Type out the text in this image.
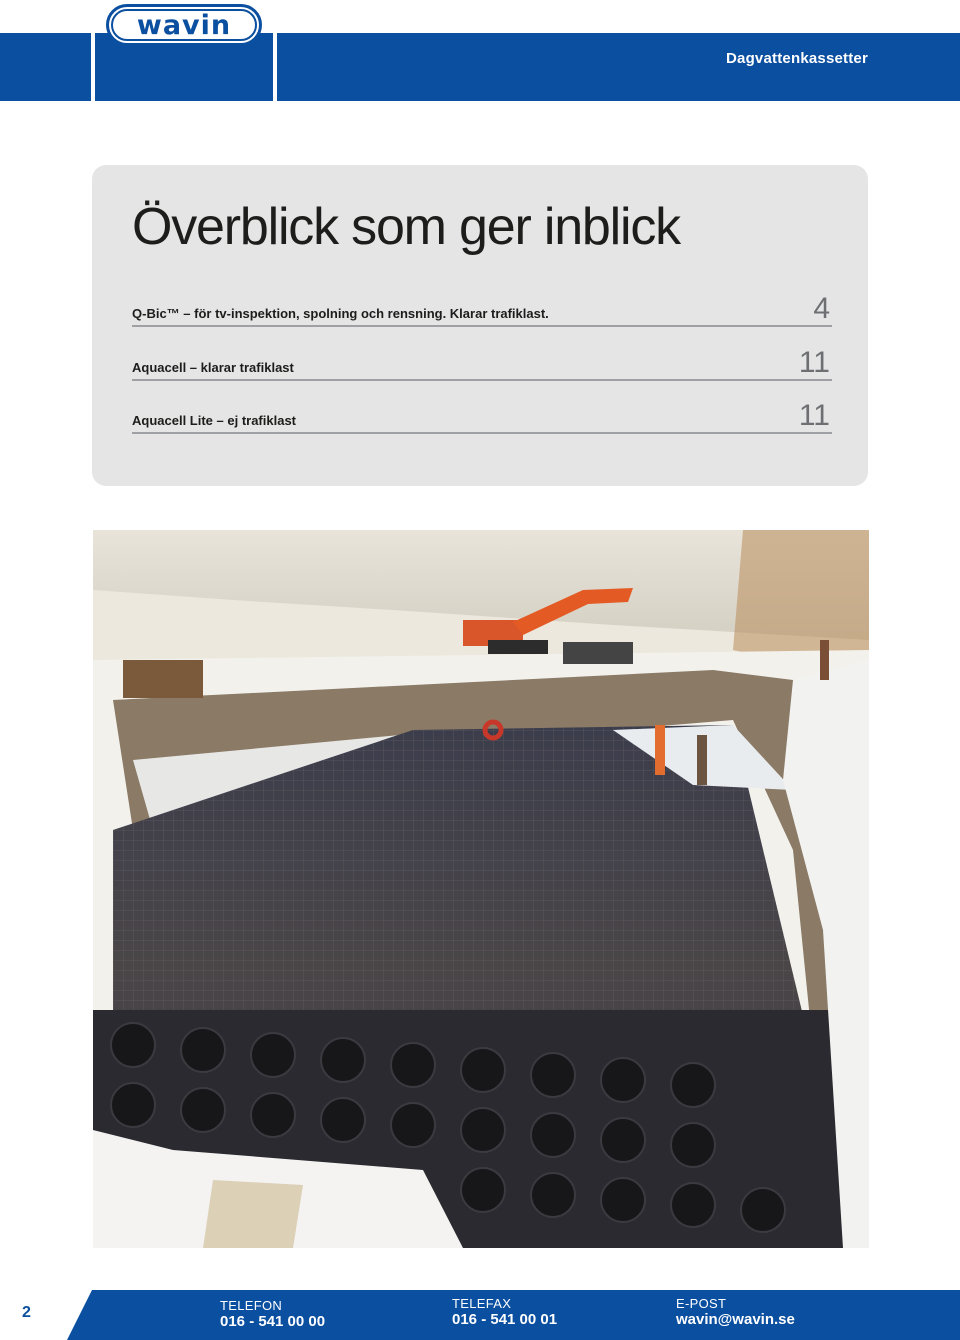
wavin
Dagvattenkassetter
Överblick som ger inblick
Q-Bic™ – för tv-inspektion, spolning och rensning. Klarar trafiklast.	4
Aquacell – klarar trafiklast	11
Aquacell Lite – ej trafiklast	11
2	TELEFON
016 - 541 00 00
TELEFAX
016 - 541 00 01
E-POST
wavin@wavin.se
